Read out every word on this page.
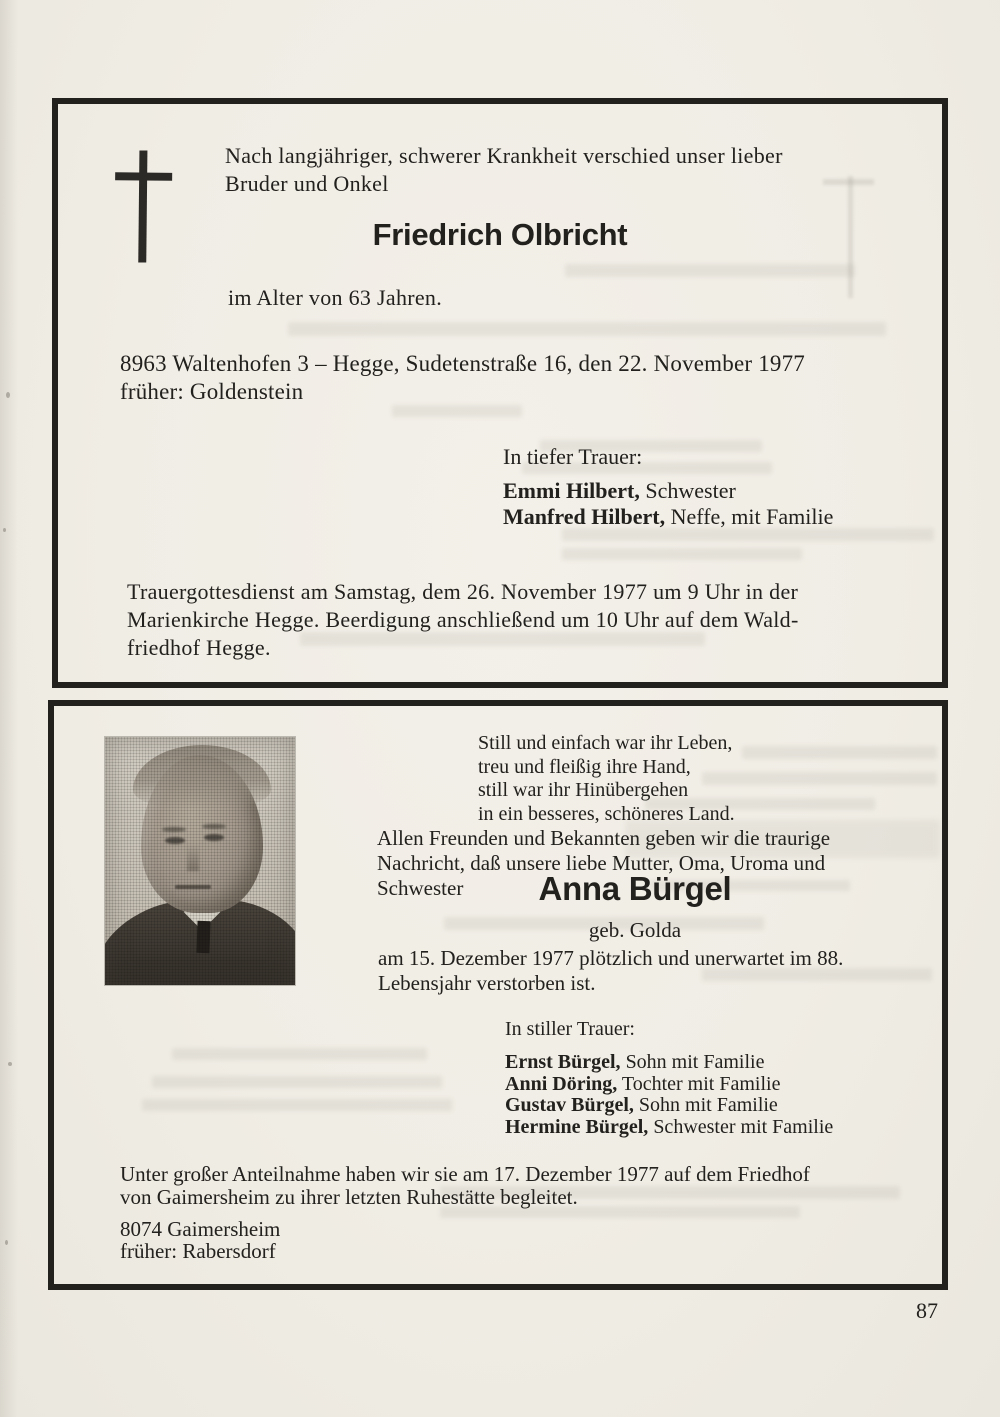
Nach langjähriger, schwerer Krankheit verschied unser lieber
Bruder und Onkel
Friedrich Olbricht
im Alter von 63 Jahren.
8963 Waltenhofen 3 – Hegge, Sudetenstraße 16, den 22. November 1977
früher: Goldenstein
In tiefer Trauer:
Emmi Hilbert, Schwester
Manfred Hilbert, Neffe, mit Familie
Trauergottesdienst am Samstag, dem 26. November 1977 um 9 Uhr in der
Marienkirche Hegge. Beerdigung anschließend um 10 Uhr auf dem Wald-
friedhof Hegge.
Still und einfach war ihr Leben,
treu und fleißig ihre Hand,
still war ihr Hinübergehen
in ein besseres, schöneres Land.
Allen Freunden und Bekannten geben wir die traurige
Nachricht, daß unsere liebe Mutter, Oma, Uroma und
Schwester	Anna Bürgel
geb. Golda
am 15. Dezember 1977 plötzlich und unerwartet im 88.
Lebensjahr verstorben ist.
In stiller Trauer:
Ernst Bürgel, Sohn mit Familie
Anni Döring, Tochter mit Familie
Gustav Bürgel, Sohn mit Familie
Hermine Bürgel, Schwester mit Familie
Unter großer Anteilnahme haben wir sie am 17. Dezember 1977 auf dem Friedhof
von Gaimersheim zu ihrer letzten Ruhestätte begleitet.
8074 Gaimersheim
früher: Rabersdorf
87
